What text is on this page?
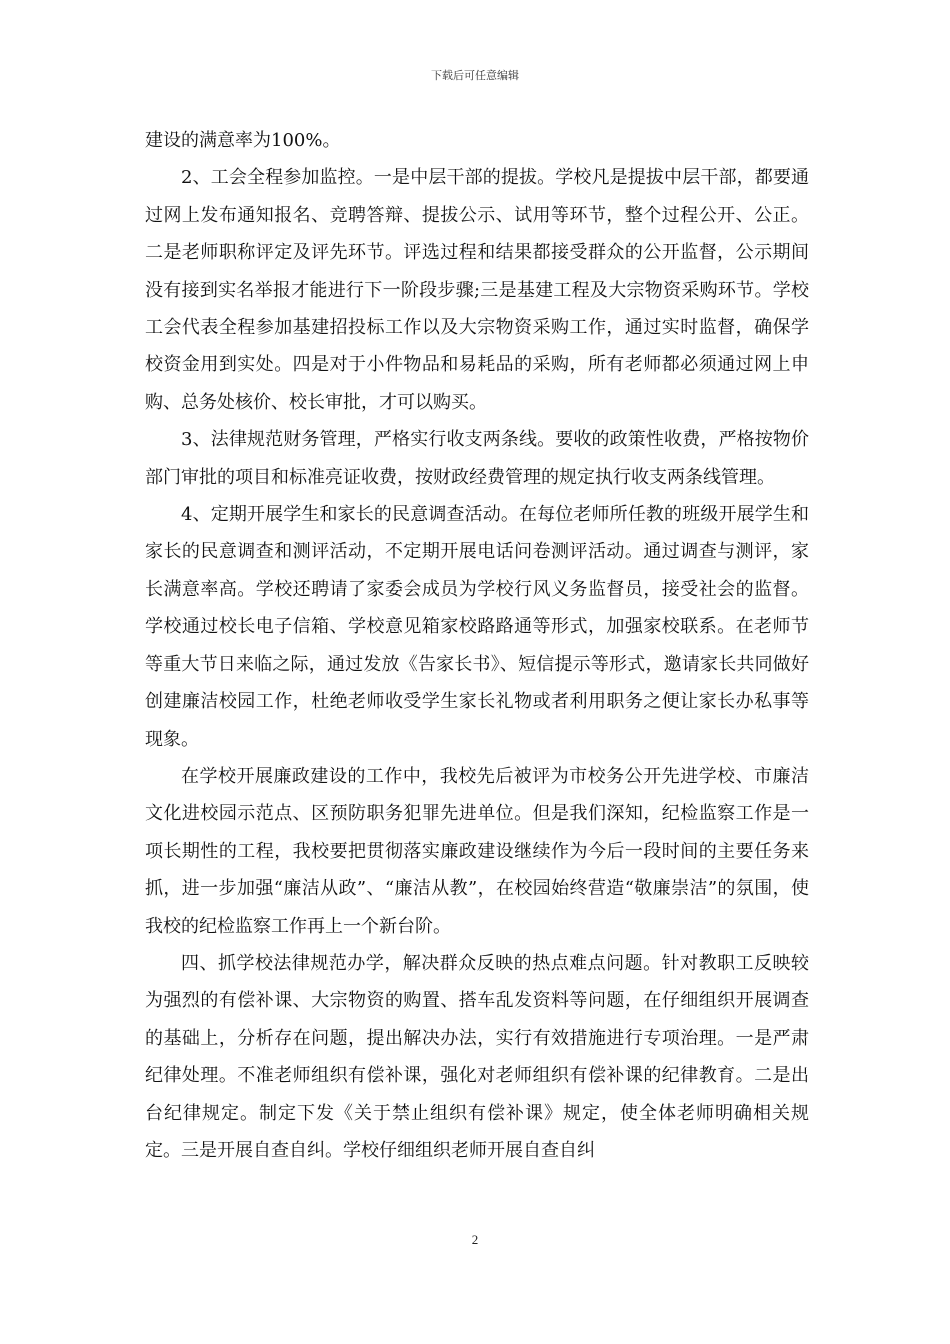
下载后可任意编辑

建设的满意率为100%。

2、工会全程参加监控。一是中层干部的提拔。学校凡是提拔中层干部，都要通过网上发布通知报名、竞聘答辩、提拔公示、试用等环节，整个过程公开、公正。二是老师职称评定及评先环节。评选过程和结果都接受群众的公开监督，公示期间没有接到实名举报才能进行下一阶段步骤;三是基建工程及大宗物资采购环节。学校工会代表全程参加基建招投标工作以及大宗物资采购工作，通过实时监督，确保学校资金用到实处。四是对于小件物品和易耗品的采购，所有老师都必须通过网上申购、总务处核价、校长审批，才可以购买。

3、法律规范财务管理，严格实行收支两条线。要收的政策性收费，严格按物价部门审批的项目和标准亮证收费，按财政经费管理的规定执行收支两条线管理。

4、定期开展学生和家长的民意调查活动。在每位老师所任教的班级开展学生和家长的民意调查和测评活动，不定期开展电话问卷测评活动。通过调查与测评，家长满意率高。学校还聘请了家委会成员为学校行风义务监督员，接受社会的监督。学校通过校长电子信箱、学校意见箱家校路路通等形式，加强家校联系。在老师节等重大节日来临之际，通过发放《告家长书》、短信提示等形式，邀请家长共同做好创建廉洁校园工作，杜绝老师收受学生家长礼物或者利用职务之便让家长办私事等现象。

在学校开展廉政建设的工作中，我校先后被评为市校务公开先进学校、市廉洁文化进校园示范点、区预防职务犯罪先进单位。但是我们深知，纪检监察工作是一项长期性的工程，我校要把贯彻落实廉政建设继续作为今后一段时间的主要任务来抓，进一步加强“廉洁从政”、“廉洁从教”，在校园始终营造“敬廉崇洁”的氛围，使我校的纪检监察工作再上一个新台阶。

四、抓学校法律规范办学，解决群众反映的热点难点问题。针对教职工反映较为强烈的有偿补课、大宗物资的购置、搭车乱发资料等问题，在仔细组织开展调查的基础上，分析存在问题，提出解决办法，实行有效措施进行专项治理。一是严肃纪律处理。不准老师组织有偿补课，强化对老师组织有偿补课的纪律教育。二是出台纪律规定。制定下发《关于禁止组织有偿补课》规定，使全体老师明确相关规定。三是开展自查自纠。学校仔细组织老师开展自查自纠

2
